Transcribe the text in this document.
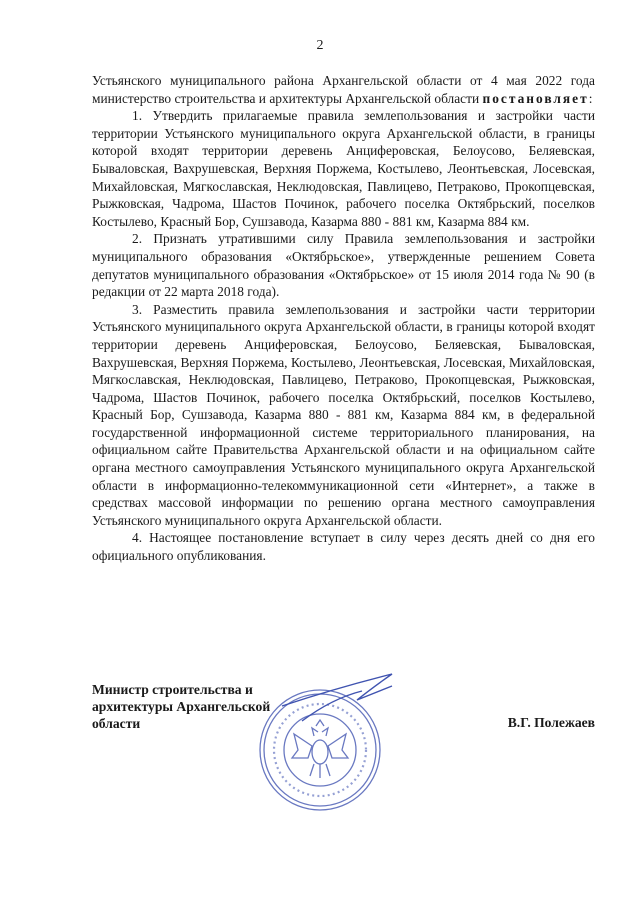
2

Устьянского муниципального района Архангельской области от 4 мая 2022 года министерство строительства и архитектуры Архангельской области постановляет:

1. Утвердить прилагаемые правила землепользования и застройки части территории Устьянского муниципального округа Архангельской области, в границы которой входят территории деревень Анциферовская, Белоусово, Беляевская, Бываловская, Вахрушевская, Верхняя Поржема, Костылево, Леонтьевская, Лосевская, Михайловская, Мягкославская, Неклюдовская, Павлицево, Петраково, Прокопцевская, Рыжковская, Чадрома, Шастов Починок, рабочего поселка Октябрьский, поселков Костылево, Красный Бор, Сушзавода, Казарма 880 - 881 км, Казарма 884 км.

2. Признать утратившими силу Правила землепользования и застройки муниципального образования «Октябрьское», утвержденные решением Совета депутатов муниципального образования «Октябрьское» от 15 июля 2014 года № 90 (в редакции от 22 марта 2018 года).

3. Разместить правила землепользования и застройки части территории Устьянского муниципального округа Архангельской области, в границы которой входят территории деревень Анциферовская, Белоусово, Беляевская, Бываловская, Вахрушевская, Верхняя Поржема, Костылево, Леонтьевская, Лосевская, Михайловская, Мягкославская, Неклюдовская, Павлицево, Петраково, Прокопцевская, Рыжковская, Чадрома, Шастов Починок, рабочего поселка Октябрьский, поселков Костылево, Красный Бор, Сушзавода, Казарма 880 - 881 км, Казарма 884 км, в федеральной государственной информационной системе территориального планирования, на официальном сайте Правительства Архангельской области и на официальном сайте органа местного самоуправления Устьянского муниципального округа Архангельской области в информационно-телекоммуникационной сети «Интернет», а также в средствах массовой информации по решению органа местного самоуправления Устьянского муниципального округа Архангельской области.

4. Настоящее постановление вступает в силу через десять дней со дня его официального опубликования.

Министр строительства и
архитектуры Архангельской
области	В.Г. Полежаев
